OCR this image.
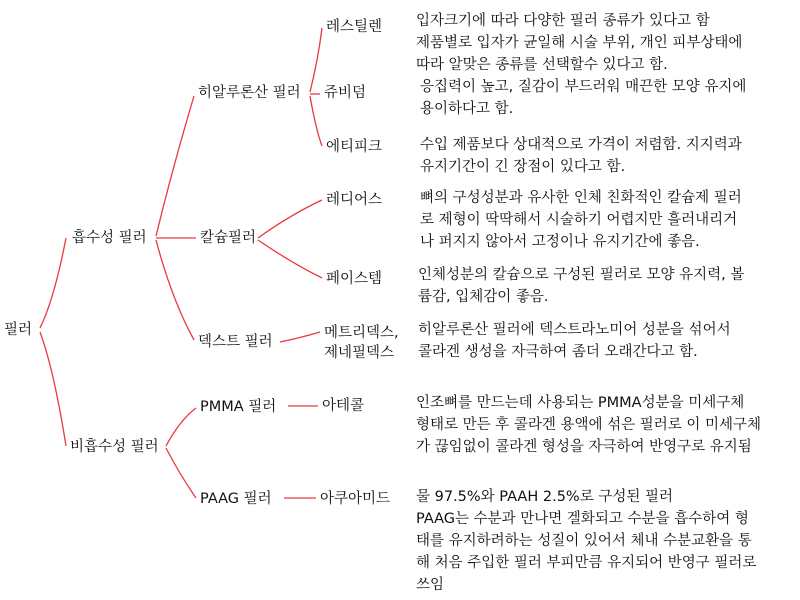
필러
흡수성 필러
비흡수성 필러
히알루론산 필러
칼슘필러
덱스트 필러
PMMA 필러
PAAG 필러
레스틸렌
쥬비덤
에티피크
레디어스
페이스템
메트리덱스,
제네필덱스
아테콜
아쿠아미드
입자크기에 따라 다양한 필러 종류가 있다고 함
제품별로 입자가 균일해 시술 부위, 개인 피부상태에
따라 알맞은 종류를 선택할수 있다고 함.
응집력이 높고, 질감이 부드러워 매끈한 모양 유지에
용이하다고 함.
수입 제품보다 상대적으로 가격이 저렴함. 지지력과
유지기간이 긴 장점이 있다고 함.
뼈의 구성성분과 유사한 인체 친화적인 칼슘제 필러
로 제형이 딱딱해서 시술하기 어렵지만 흘러내리거
나 퍼지지 않아서 고정이나 유지기간에 좋음.
인체성분의 칼슘으로 구성된 필러로 모양 유지력, 볼
륨감, 입체감이 좋음.
히알루론산 필러에 덱스트라노미어 성분을 섞어서
콜라겐 생성을 자극하여 좀더 오래간다고 함.
인조뼈를 만드는데 사용되는 PMMA성분을 미세구체
형태로 만든 후 콜라겐 용액에 섞은 필러로 이 미세구체
가 끊임없이 콜라겐 형성을 자극하여 반영구로 유지됨
물 97.5%와 PAAH 2.5%로 구성된 필러
PAAG는 수분과 만나면 겔화되고 수분을 흡수하여 형
태를 유지하려하는 성질이 있어서 체내 수분교환을 통
해 처음 주입한 필러 부피만큼 유지되어 반영구 필러로
쓰임
